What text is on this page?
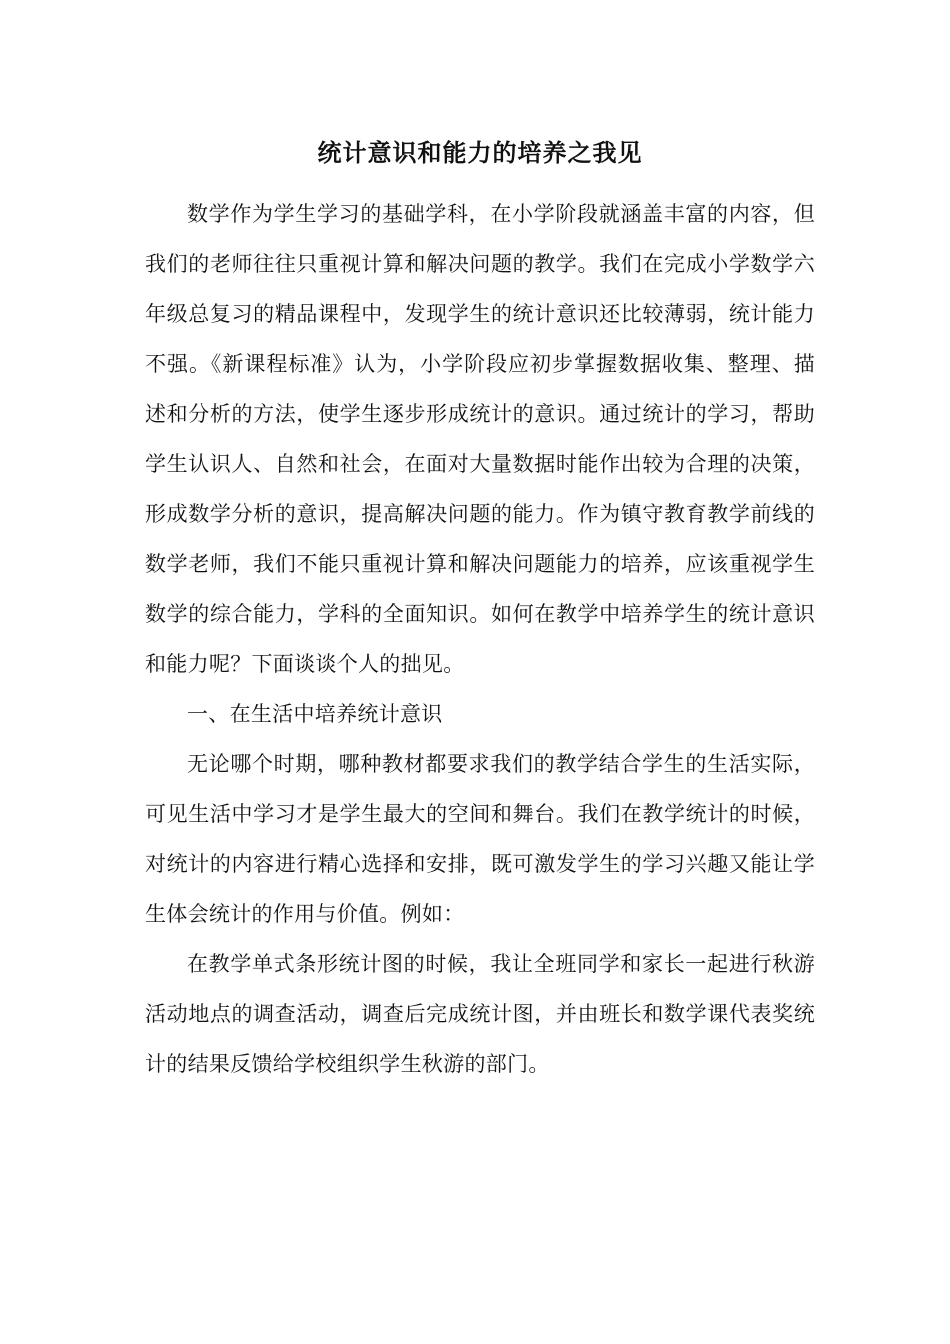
统计意识和能力的培养之我见

数学作为学生学习的基础学科，在小学阶段就涵盖丰富的内容，但我们的老师往往只重视计算和解决问题的教学。我们在完成小学数学六年级总复习的精品课程中，发现学生的统计意识还比较薄弱，统计能力不强。《新课程标准》认为，小学阶段应初步掌握数据收集、整理、描述和分析的方法，使学生逐步形成统计的意识。通过统计的学习，帮助学生认识人、自然和社会，在面对大量数据时能作出较为合理的决策，形成数学分析的意识，提高解决问题的能力。作为镇守教育教学前线的数学老师，我们不能只重视计算和解决问题能力的培养，应该重视学生数学的综合能力，学科的全面知识。如何在教学中培养学生的统计意识和能力呢？下面谈谈个人的拙见。

一、在生活中培养统计意识

无论哪个时期，哪种教材都要求我们的教学结合学生的生活实际，可见生活中学习才是学生最大的空间和舞台。我们在教学统计的时候，对统计的内容进行精心选择和安排，既可激发学生的学习兴趣又能让学生体会统计的作用与价值。例如：

在教学单式条形统计图的时候，我让全班同学和家长一起进行秋游活动地点的调查活动，调查后完成统计图，并由班长和数学课代表奖统计的结果反馈给学校组织学生秋游的部门。
